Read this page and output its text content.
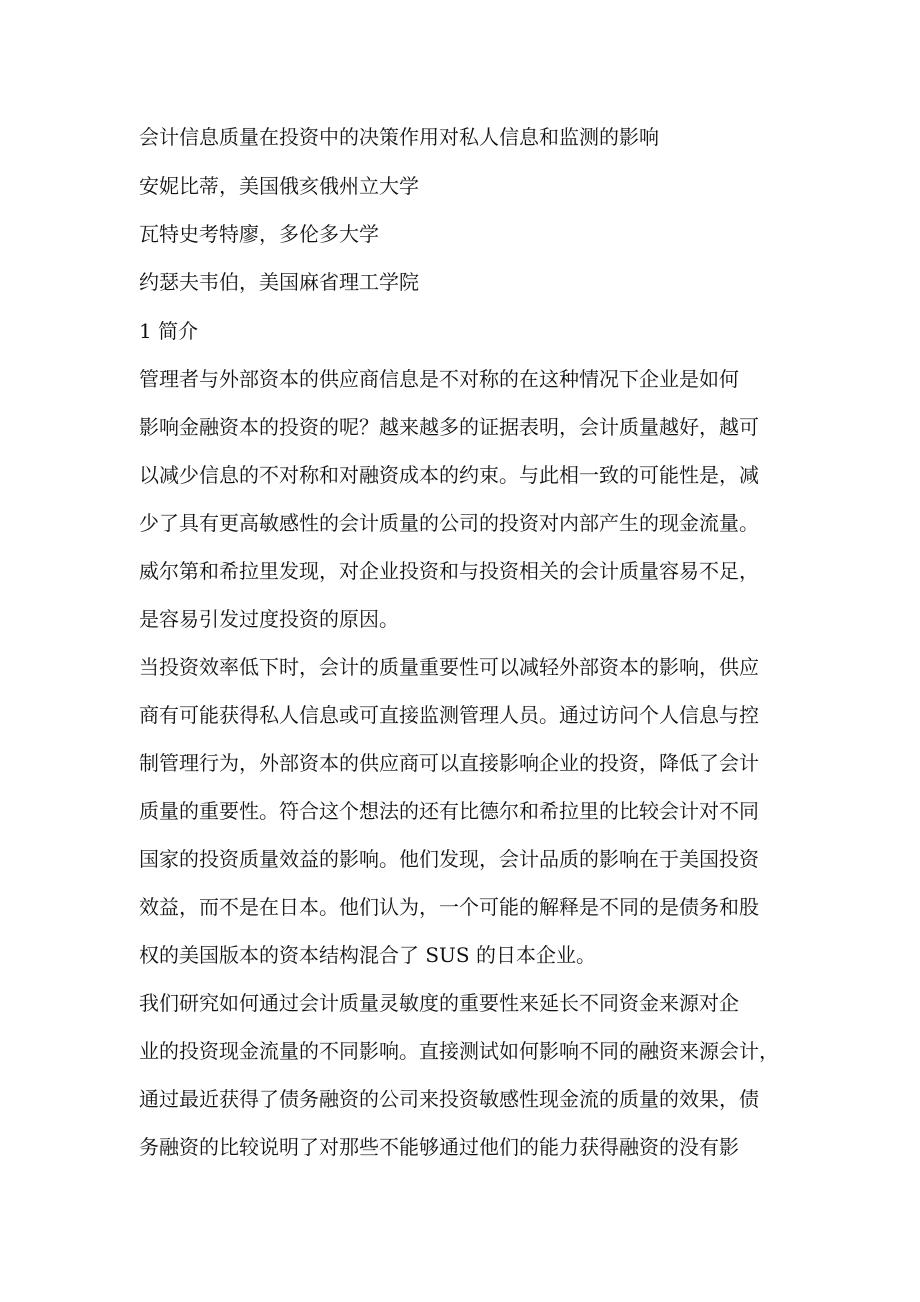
会计信息质量在投资中的决策作用对私人信息和监测的影响
安妮比蒂，美国俄亥俄州立大学
瓦特史考特廖，多伦多大学
约瑟夫韦伯，美国麻省理工学院
1 简介
管理者与外部资本的供应商信息是不对称的在这种情况下企业是如何
影响金融资本的投资的呢？越来越多的证据表明，会计质量越好，越可
以减少信息的不对称和对融资成本的约束。与此相一致的可能性是，减
少了具有更高敏感性的会计质量的公司的投资对内部产生的现金流量。
威尔第和希拉里发现，对企业投资和与投资相关的会计质量容易不足，
是容易引发过度投资的原因。
当投资效率低下时，会计的质量重要性可以减轻外部资本的影响，供应
商有可能获得私人信息或可直接监测管理人员。通过访问个人信息与控
制管理行为，外部资本的供应商可以直接影响企业的投资，降低了会计
质量的重要性。符合这个想法的还有比德尔和希拉里的比较会计对不同
国家的投资质量效益的影响。他们发现，会计品质的影响在于美国投资
效益，而不是在日本。他们认为，一个可能的解释是不同的是债务和股
权的美国版本的资本结构混合了 SUS 的日本企业。
我们研究如何通过会计质量灵敏度的重要性来延长不同资金来源对企
业的投资现金流量的不同影响。直接测试如何影响不同的融资来源会计，
通过最近获得了债务融资的公司来投资敏感性现金流的质量的效果，债
务融资的比较说明了对那些不能够通过他们的能力获得融资的没有影
